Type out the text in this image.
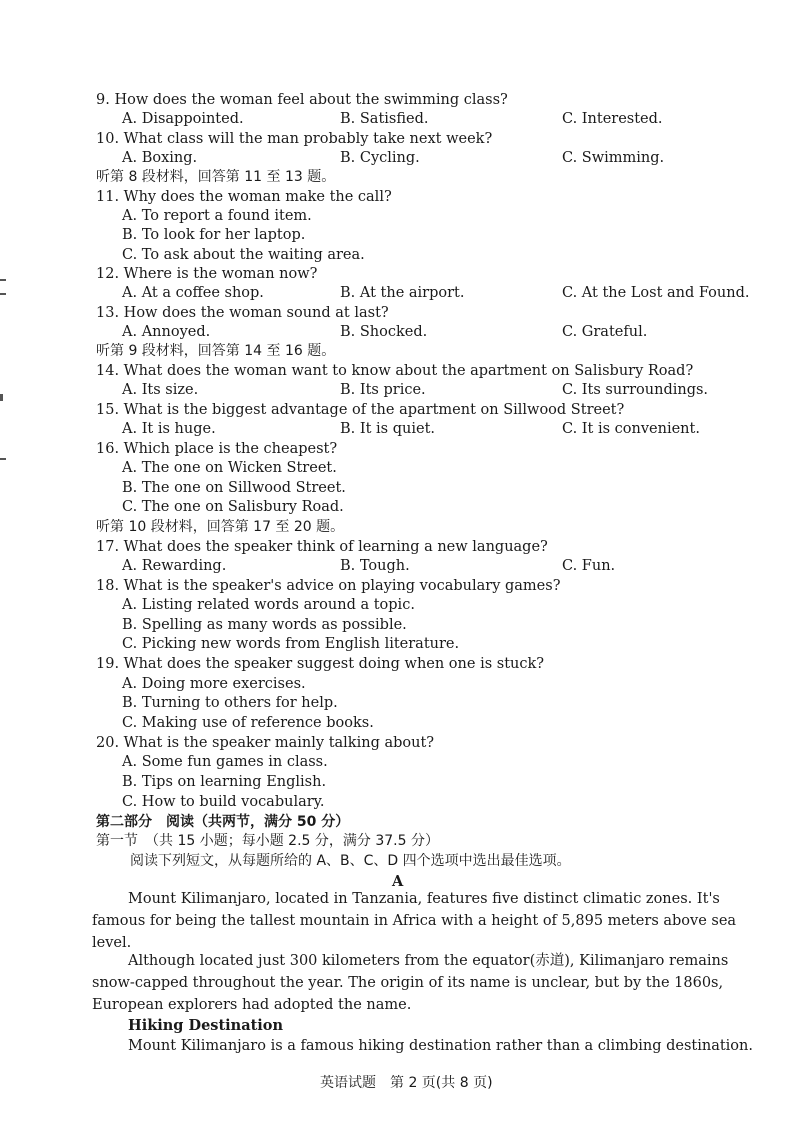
9. How does the woman feel about the swimming class?
A. Disappointed.	B. Satisfied.	C. Interested.
10. What class will the man probably take next week?
A. Boxing.	B. Cycling.	C. Swimming.
听第 8 段材料，回答第 11 至 13 题。
11. Why does the woman make the call?
A. To report a found item.
B. To look for her laptop.
C. To ask about the waiting area.
12. Where is the woman now?
A. At a coffee shop.	B. At the airport.	C. At the Lost and Found.
13. How does the woman sound at last?
A. Annoyed.	B. Shocked.	C. Grateful.
听第 9 段材料，回答第 14 至 16 题。
14. What does the woman want to know about the apartment on Salisbury Road?
A. Its size.	B. Its price.	C. Its surroundings.
15. What is the biggest advantage of the apartment on Sillwood Street?
A. It is huge.	B. It is quiet.	C. It is convenient.
16. Which place is the cheapest?
A. The one on Wicken Street.
B. The one on Sillwood Street.
C. The one on Salisbury Road.
听第 10 段材料，回答第 17 至 20 题。
17. What does the speaker think of learning a new language?
A. Rewarding.	B. Tough.	C. Fun.
18. What is the speaker's advice on playing vocabulary games?
A. Listing related words around a topic.
B. Spelling as many words as possible.
C. Picking new words from English literature.
19. What does the speaker suggest doing when one is stuck?
A. Doing more exercises.
B. Turning to others for help.
C. Making use of reference books.
20. What is the speaker mainly talking about?
A. Some fun games in class.
B. Tips on learning English.
C. How to build vocabulary.
第二部分　阅读（共两节，满分 50 分）
第一节　（共 15 小题；每小题 2.5 分，满分 37.5 分）
阅读下列短文，从每题所给的 A、B、C、D 四个选项中选出最佳选项。
A
Mount Kilimanjaro, located in Tanzania, features five distinct climatic zones. It's famous for being the tallest mountain in Africa with a height of 5,895 meters above sea level.
Although located just 300 kilometers from the equator(赤道), Kilimanjaro remains snow-capped throughout the year. The origin of its name is unclear, but by the 1860s, European explorers had adopted the name.
Hiking Destination
Mount Kilimanjaro is a famous hiking destination rather than a climbing destination.
英语试题　第 2 页(共 8 页)
